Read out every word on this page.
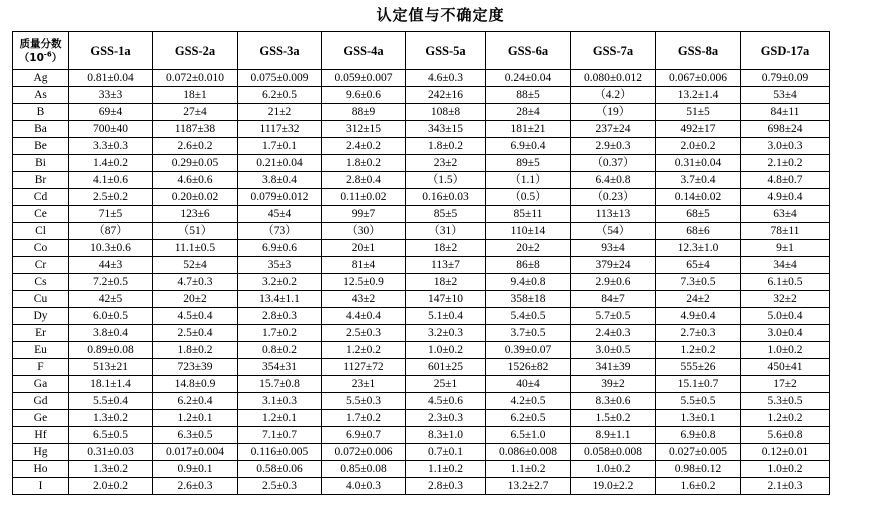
认定值与不确定度
质量分数
$(10^{-6})$	GSS-1a	GSS-2a	GSS-3a	GSS-4a	GSS-5a	GSS-6a	GSS-7a	GSS-8a	GSD-17a
Ag	0.81±0.04	0.072±0.010	0.075±0.009	0.059±0.007	4.6±0.3	0.24±0.04	0.080±0.012	0.067±0.006	0.79±0.09
As	33±3	18±1	6.2±0.5	9.6±0.6	242±16	88±5	（4.2）	13.2±1.4	53±4
B	69±4	27±4	21±2	88±9	108±8	28±4	（19）	51±5	84±11
Ba	700±40	1187±38	1117±32	312±15	343±15	181±21	237±24	492±17	698±24
Be	3.3±0.3	2.6±0.2	1.7±0.1	2.4±0.2	1.8±0.2	6.9±0.4	2.9±0.3	2.0±0.2	3.0±0.3
Bi	1.4±0.2	0.29±0.05	0.21±0.04	1.8±0.2	23±2	89±5	（0.37）	0.31±0.04	2.1±0.2
Br	4.1±0.6	4.6±0.6	3.8±0.4	2.8±0.4	（1.5）	（1.1）	6.4±0.8	3.7±0.4	4.8±0.7
Cd	2.5±0.2	0.20±0.02	0.079±0.012	0.11±0.02	0.16±0.03	（0.5）	（0.23）	0.14±0.02	4.9±0.4
Ce	71±5	123±6	45±4	99±7	85±5	85±11	113±13	68±5	63±4
Cl	（87）	（51）	（73）	（30）	（31）	110±14	（54）	68±6	78±11
Co	10.3±0.6	11.1±0.5	6.9±0.6	20±1	18±2	20±2	93±4	12.3±1.0	9±1
Cr	44±3	52±4	35±3	81±4	113±7	86±8	379±24	65±4	34±4
Cs	7.2±0.5	4.7±0.3	3.2±0.2	12.5±0.9	18±2	9.4±0.8	2.9±0.6	7.3±0.5	6.1±0.5
Cu	42±5	20±2	13.4±1.1	43±2	147±10	358±18	84±7	24±2	32±2
Dy	6.0±0.5	4.5±0.4	2.8±0.3	4.4±0.4	5.1±0.4	5.4±0.5	5.7±0.5	4.9±0.4	5.0±0.4
Er	3.8±0.4	2.5±0.4	1.7±0.2	2.5±0.3	3.2±0.3	3.7±0.5	2.4±0.3	2.7±0.3	3.0±0.4
Eu	0.89±0.08	1.8±0.2	0.8±0.2	1.2±0.2	1.0±0.2	0.39±0.07	3.0±0.5	1.2±0.2	1.0±0.2
F	513±21	723±39	354±31	1127±72	601±25	1526±82	341±39	555±26	450±41
Ga	18.1±1.4	14.8±0.9	15.7±0.8	23±1	25±1	40±4	39±2	15.1±0.7	17±2
Gd	5.5±0.4	6.2±0.4	3.1±0.3	5.5±0.3	4.5±0.6	4.2±0.5	8.3±0.6	5.5±0.5	5.3±0.5
Ge	1.3±0.2	1.2±0.1	1.2±0.1	1.7±0.2	2.3±0.3	6.2±0.5	1.5±0.2	1.3±0.1	1.2±0.2
Hf	6.5±0.5	6.3±0.5	7.1±0.7	6.9±0.7	8.3±1.0	6.5±1.0	8.9±1.1	6.9±0.8	5.6±0.8
Hg	0.31±0.03	0.017±0.004	0.116±0.005	0.072±0.006	0.7±0.1	0.086±0.008	0.058±0.008	0.027±0.005	0.12±0.01
Ho	1.3±0.2	0.9±0.1	0.58±0.06	0.85±0.08	1.1±0.2	1.1±0.2	1.0±0.2	0.98±0.12	1.0±0.2
I	2.0±0.2	2.6±0.3	2.5±0.3	4.0±0.3	2.8±0.3	13.2±2.7	19.0±2.2	1.6±0.2	2.1±0.3
